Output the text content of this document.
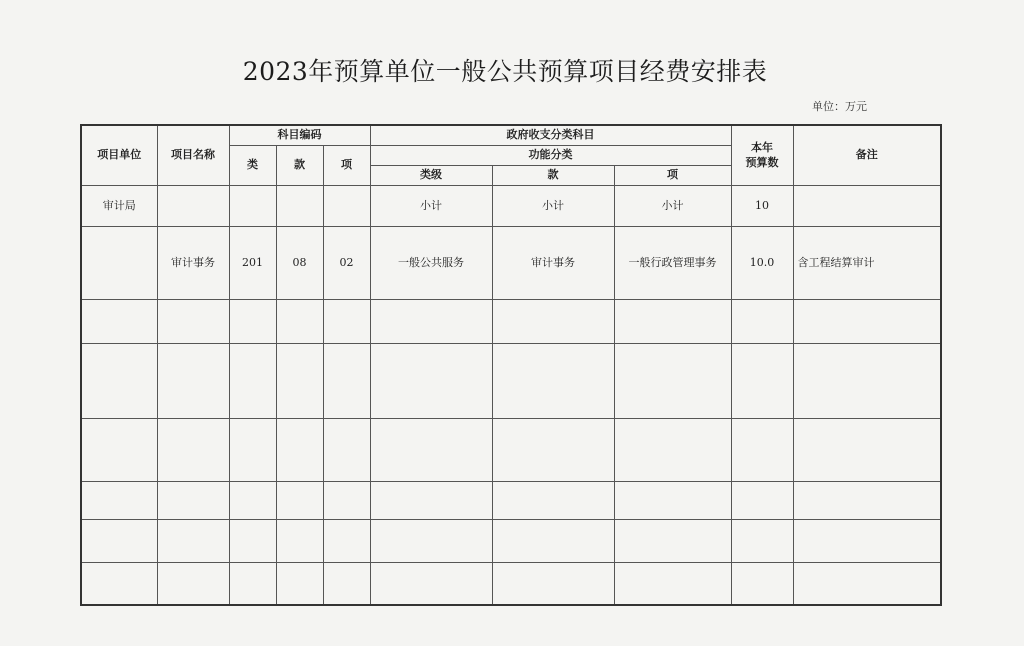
2023年预算单位一般公共预算项目经费安排表
单位：万元
项目单位	项目名称	科目编码			政府收支分类科目			本年
预算数	备注
		类	款	项	功能分类				
					类级	款	项		
审计局					小计	小计	小计	10	
	审计事务	201	08	02	一般公共服务	审计事务	一般行政管理事务	10.0	含工程结算审计
